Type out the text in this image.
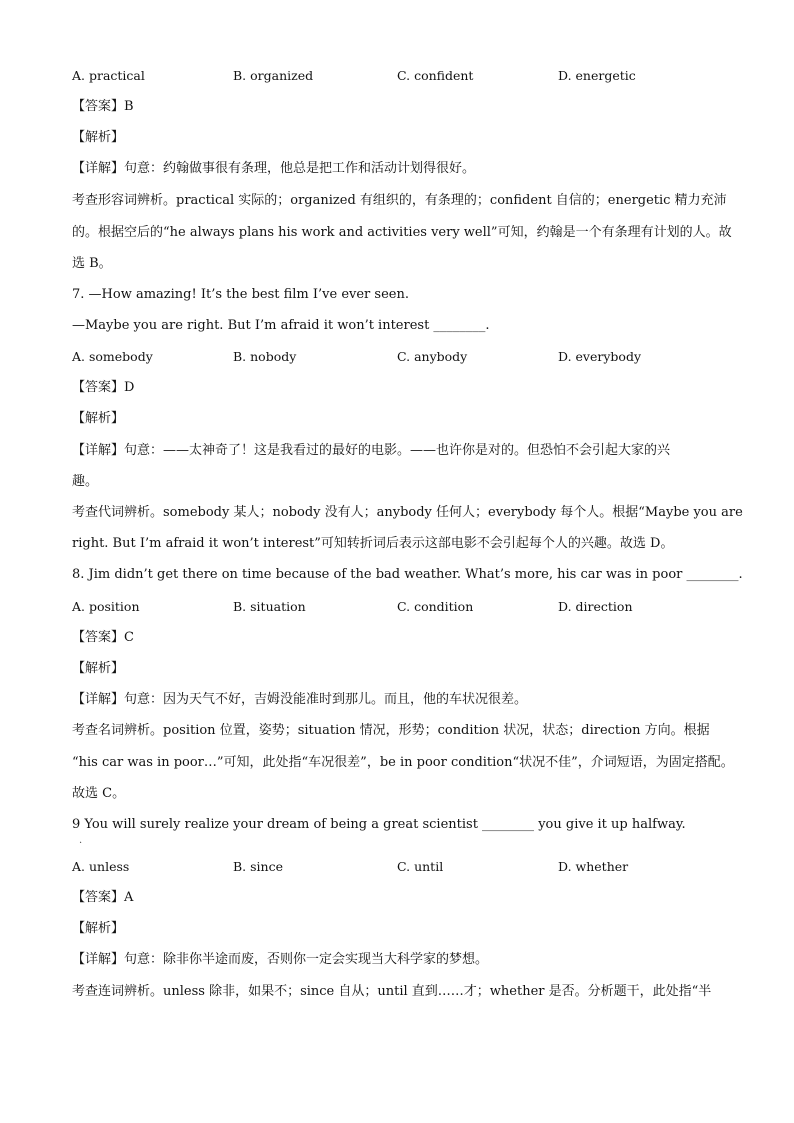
A. practical	B. organized	C. confident	D. energetic
【答案】B
【解析】
【详解】句意：约翰做事很有条理，他总是把工作和活动计划得很好。
考查形容词辨析。practical 实际的；organized 有组织的，有条理的；confident 自信的；energetic 精力充沛
的。根据空后的“he always plans his work and activities very well”可知，约翰是一个有条理有计划的人。故
选 B。
7. —How amazing! It’s the best film I’ve ever seen.
—Maybe you are right. But I’m afraid it won’t interest ________.
A. somebody	B. nobody	C. anybody	D. everybody
【答案】D
【解析】
【详解】句意：——太神奇了！这是我看过的最好的电影。——也许你是对的。但恐怕不会引起大家的兴
趣。
考查代词辨析。somebody 某人；nobody 没有人；anybody 任何人；everybody 每个人。根据“Maybe you are
right. But I’m afraid it won’t interest”可知转折词后表示这部电影不会引起每个人的兴趣。故选 D。
8. Jim didn’t get there on time because of the bad weather. What’s more, his car was in poor ________.
A. position	B. situation	C. condition	D. direction
【答案】C
【解析】
【详解】句意：因为天气不好，吉姆没能准时到那儿。而且，他的车状况很差。
考查名词辨析。position 位置，姿势；situation 情况，形势；condition 状况，状态；direction 方向。根据
“his car was in poor…”可知，此处指“车况很差”，be in poor condition“状况不佳”，介词短语，为固定搭配。
故选 C。
9 You will surely realize your dream of being a great scientist ________ you give it up halfway.
·
A. unless	B. since	C. until	D. whether
【答案】A
【解析】
【详解】句意：除非你半途而废，否则你一定会实现当大科学家的梦想。
考查连词辨析。unless 除非，如果不；since 自从；until 直到……才；whether 是否。分析题干，此处指“半
